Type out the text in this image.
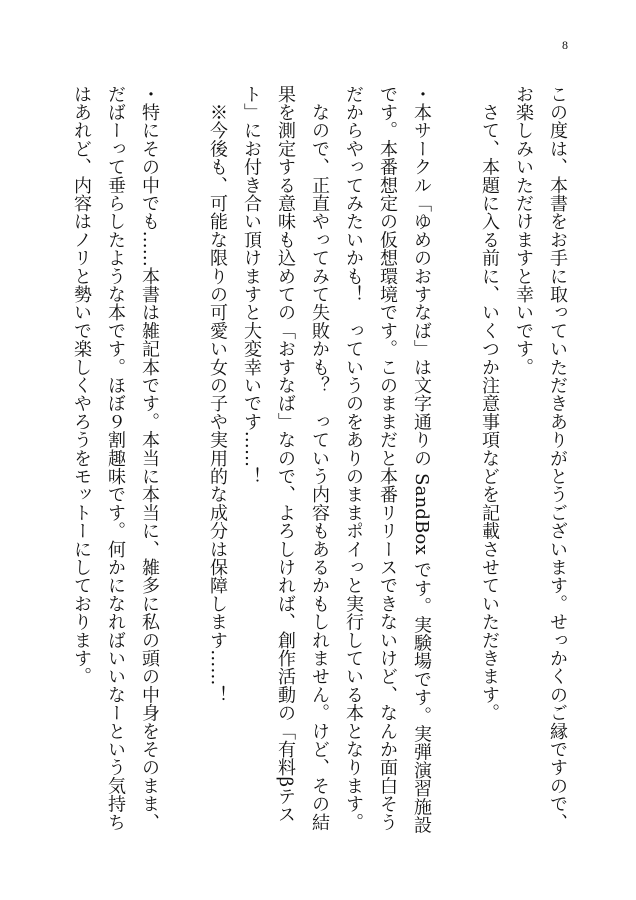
8

この度は、本書をお手に取っていただきありがとうございます。せっかくのご縁ですので、お楽しみいただけますと幸いです。

　さて、本題に入る前に、いくつか注意事項などを記載させていただきます。

・本サークル「ゆめのおすなば」は文字通りの SandBox です。実験場です。実弾演習施設です。本番想定の仮想環境です。このままだと本番リリースできないけど、なんか面白そうだからやってみたいかも！　っていうのをありのままポイっと実行している本となります。

　なので、正直やってみて失敗かも？　っていう内容もあるかもしれません。けど、その結果を測定する意味も込めての「おすなば」なので、よろしければ、創作活動の「有料βテスト」にお付き合い頂けますと大変幸いです……！

　※今後も、可能な限りの可愛い女の子や実用的な成分は保障します……！

・特にその中でも……本書は雑記本です。本当に本当に、雑多に私の頭の中身をそのまま、だばーって垂らしたような本です。ほぼ９割趣味です。何かになればいいなーという気持ちはあれど、内容はノリと勢いで楽しくやろうをモットーにしております。
